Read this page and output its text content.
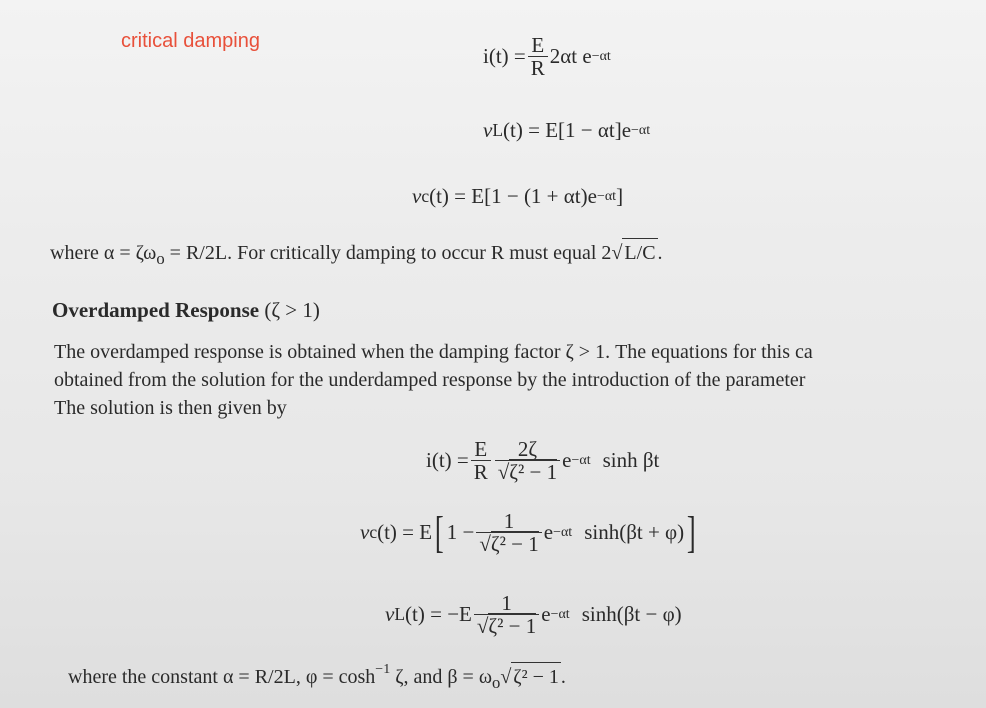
critical damping
$i(t) = \frac{E}{R} 2\alpha t$ e −αt
v L (t) = E[1 − αt]e −αt
v c (t) = E[1 − (1 + αt)e −αt ]
where $\alpha = \zeta\omega_o = R/2L$. For critically damping to occur R must equal 2√ L/C .
Overdamped Response (ζ > 1)
The overdamped response is obtained when the damping factor ζ > 1. The equations for this ca
obtained from the solution for the underdamped response by the introduction of the parameter
The solution is then given by
$i(t) = \frac{E}{R} \frac{2\zeta}{\text{√ζ² − 1}}$ e −αt sinh βt
v c (t) = E [ $1 - \frac{1}{\text{√ζ² − 1}}$ e −αt sinh(βt + φ) ]
v L $(t) = -E \frac{1}{\text{√ζ² − 1}}$ e −αt sinh(βt − φ)
where the constant α = R/2L, $\varphi = \cosh^{-1} \zeta$, and $\beta = \omega_o√$ ζ² − 1 .
